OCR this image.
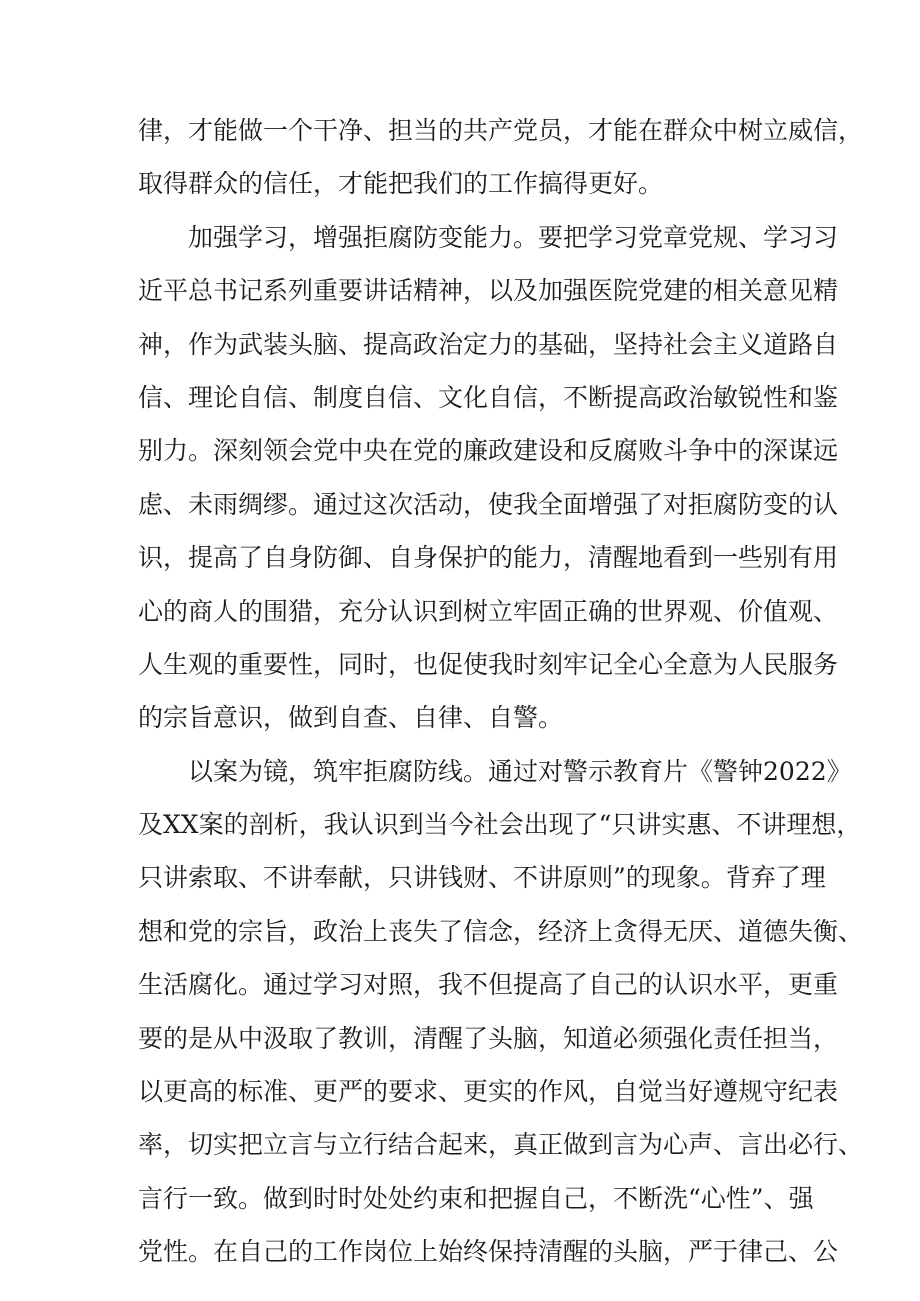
律，才能做一个干净、担当的共产党员，才能在群众中树立威信，
取得群众的信任，才能把我们的工作搞得更好。
加强学习，增强拒腐防变能力。要把学习党章党规、学习习
近平总书记系列重要讲话精神，以及加强医院党建的相关意见精
神，作为武装头脑、提高政治定力的基础，坚持社会主义道路自
信、理论自信、制度自信、文化自信，不断提高政治敏锐性和鉴
别力。深刻领会党中央在党的廉政建设和反腐败斗争中的深谋远
虑、未雨绸缪。通过这次活动，使我全面增强了对拒腐防变的认
识，提高了自身防御、自身保护的能力，清醒地看到一些别有用
心的商人的围猎，充分认识到树立牢固正确的世界观、价值观、
人生观的重要性，同时，也促使我时刻牢记全心全意为人民服务
的宗旨意识，做到自查、自律、自警。
以案为镜，筑牢拒腐防线。通过对警示教育片《警钟2022》
及XX案的剖析，我认识到当今社会出现了“只讲实惠、不讲理想，
只讲索取、不讲奉献，只讲钱财、不讲原则”的现象。背弃了理
想和党的宗旨，政治上丧失了信念，经济上贪得无厌、道德失衡、
生活腐化。通过学习对照，我不但提高了自己的认识水平，更重
要的是从中汲取了教训，清醒了头脑，知道必须强化责任担当，
以更高的标准、更严的要求、更实的作风，自觉当好遵规守纪表
率，切实把立言与立行结合起来，真正做到言为心声、言出必行、
言行一致。做到时时处处约束和把握自己，不断洗“心性”、强
党性。在自己的工作岗位上始终保持清醒的头脑，严于律己、公
